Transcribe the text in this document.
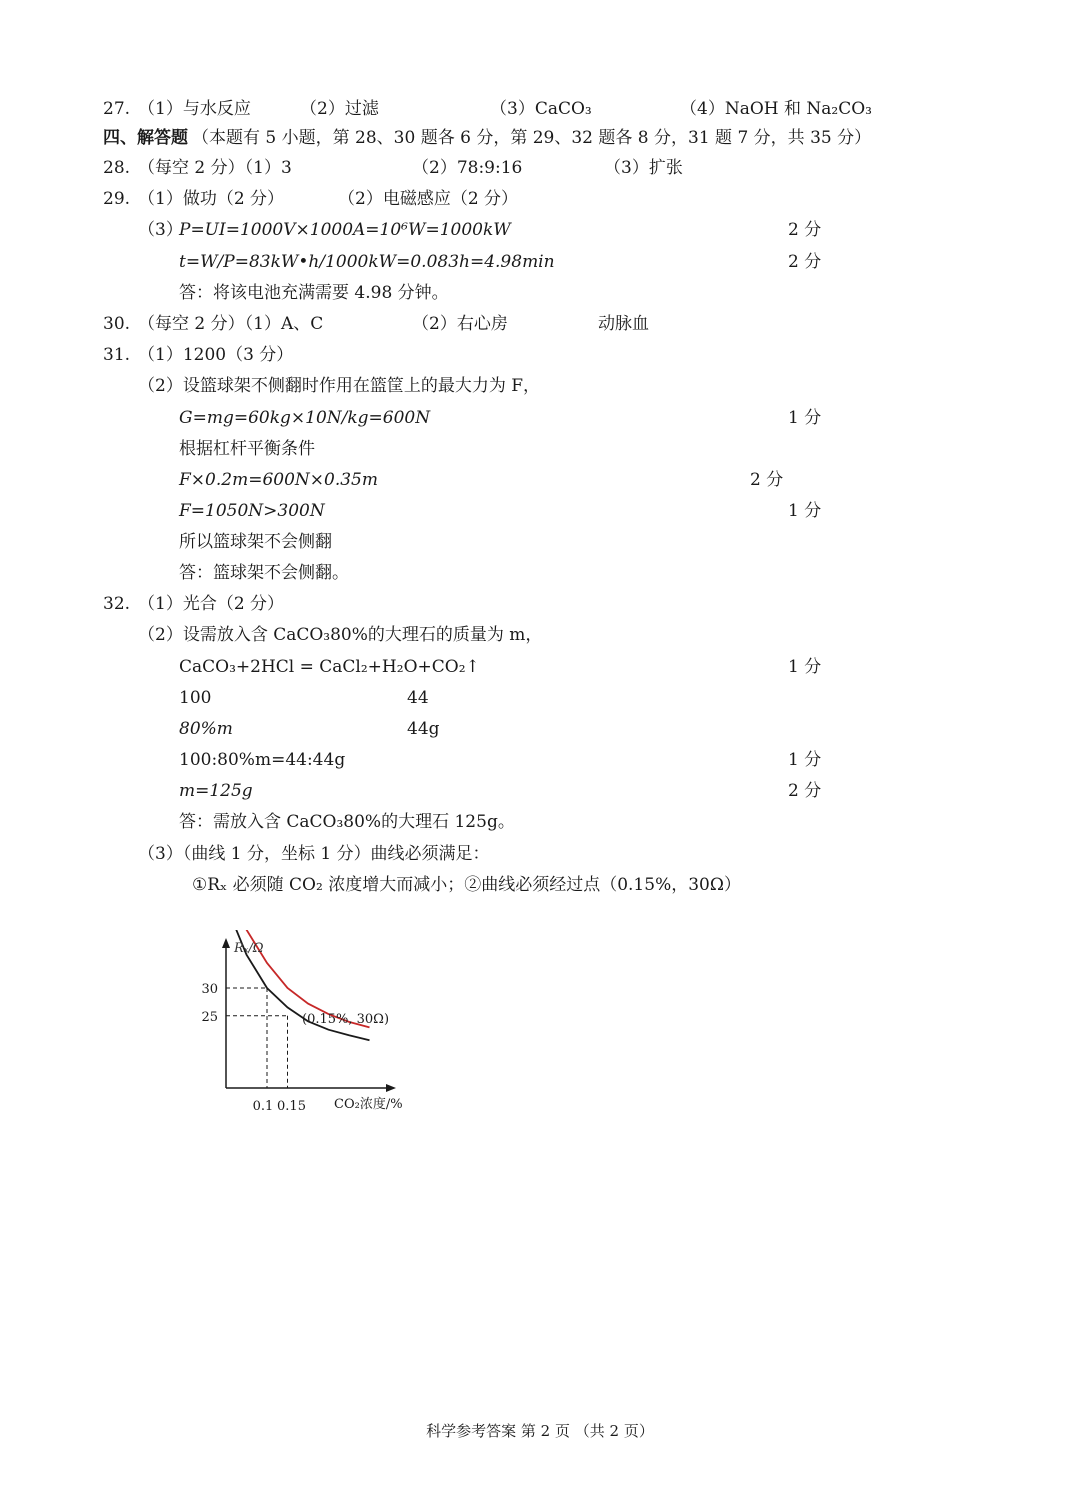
27. （1）与水反应	（2）过滤	（3）CaCO₃	（4）NaOH 和 Na₂CO₃
四、解答题 （本题有 5 小题，第 28、30 题各 6 分，第 29、32 题各 8 分，31 题 7 分，共 35 分）
28. （每空 2 分）（1）3	（2）78:9:16	（3）扩张
29. （1）做功（2 分）	（2）电磁感应（2 分）
（3）
P=UI=1000V×1000A=10⁶W=1000kW	2 分
t=W/P=83kW•h/1000kW=0.083h=4.98min	2 分
答：将该电池充满需要 4.98 分钟。
30. （每空 2 分）（1）A、C	（2）右心房	动脉血
31. （1）1200（3 分）
（2）设篮球架不侧翻时作用在篮筐上的最大力为 F，
G=mg=60kg×10N/kg=600N	1 分
根据杠杆平衡条件
F×0.2m=600N×0.35m	2 分
F=1050N>300N	1 分
所以篮球架不会侧翻
答：篮球架不会侧翻。
32. （1）光合（2 分）
（2）设需放入含 CaCO₃80%的大理石的质量为 m，
CaCO₃+2HCl = CaCl₂+H₂O+CO₂↑	1 分
100	44
80%m	44g
100:80%m=44:44g	1 分
m=125g	2 分
答：需放入含 CaCO₃80%的大理石 125g。
（3）（曲线 1 分，坐标 1 分）曲线必须满足：
①Rₓ 必须随 CO₂ 浓度增大而减小；②曲线必须经过点（0.15%，30Ω）
Rₓ/Ω
30
25
0.1 0.15 CO₂浓度/%
(0.15%, 30Ω)
科学参考答案 第 2 页 （共 2 页）
